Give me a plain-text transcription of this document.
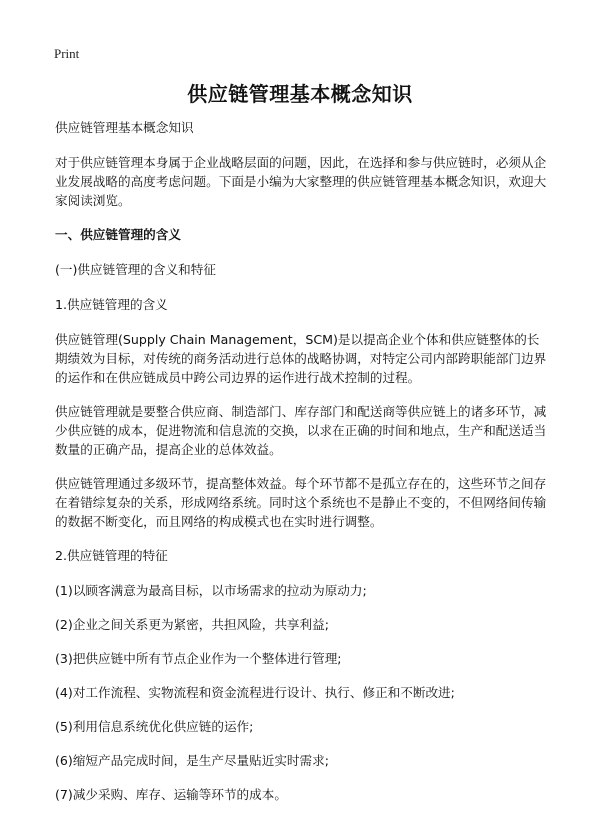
Print
供应链管理基本概念知识

供应链管理基本概念知识

对于供应链管理本身属于企业战略层面的问题，因此，在选择和参与供应链时，必须从企业发展战略的高度考虑问题。下面是小编为大家整理的供应链管理基本概念知识，欢迎大家阅读浏览。

一、供应链管理的含义

(一)供应链管理的含义和特征

1.供应链管理的含义

供应链管理(Supply Chain Management，SCM)是以提高企业个体和供应链整体的长期绩效为目标，对传统的商务活动进行总体的战略协调，对特定公司内部跨职能部门边界的运作和在供应链成员中跨公司边界的运作进行战术控制的过程。

供应链管理就是要整合供应商、制造部门、库存部门和配送商等供应链上的诸多环节，减少供应链的成本，促进物流和信息流的交换，以求在正确的时间和地点，生产和配送适当数量的正确产品，提高企业的总体效益。

供应链管理通过多级环节，提高整体效益。每个环节都不是孤立存在的，这些环节之间存在着错综复杂的关系，形成网络系统。同时这个系统也不是静止不变的，不但网络间传输的数据不断变化，而且网络的构成模式也在实时进行调整。

2.供应链管理的特征

(1)以顾客满意为最高目标，以市场需求的拉动为原动力;

(2)企业之间关系更为紧密，共担风险，共享利益;

(3)把供应链中所有节点企业作为一个整体进行管理;

(4)对工作流程、实物流程和资金流程进行设计、执行、修正和不断改进;

(5)利用信息系统优化供应链的运作;

(6)缩短产品完成时间，是生产尽量贴近实时需求;

(7)减少采购、库存、运输等环节的成本。
